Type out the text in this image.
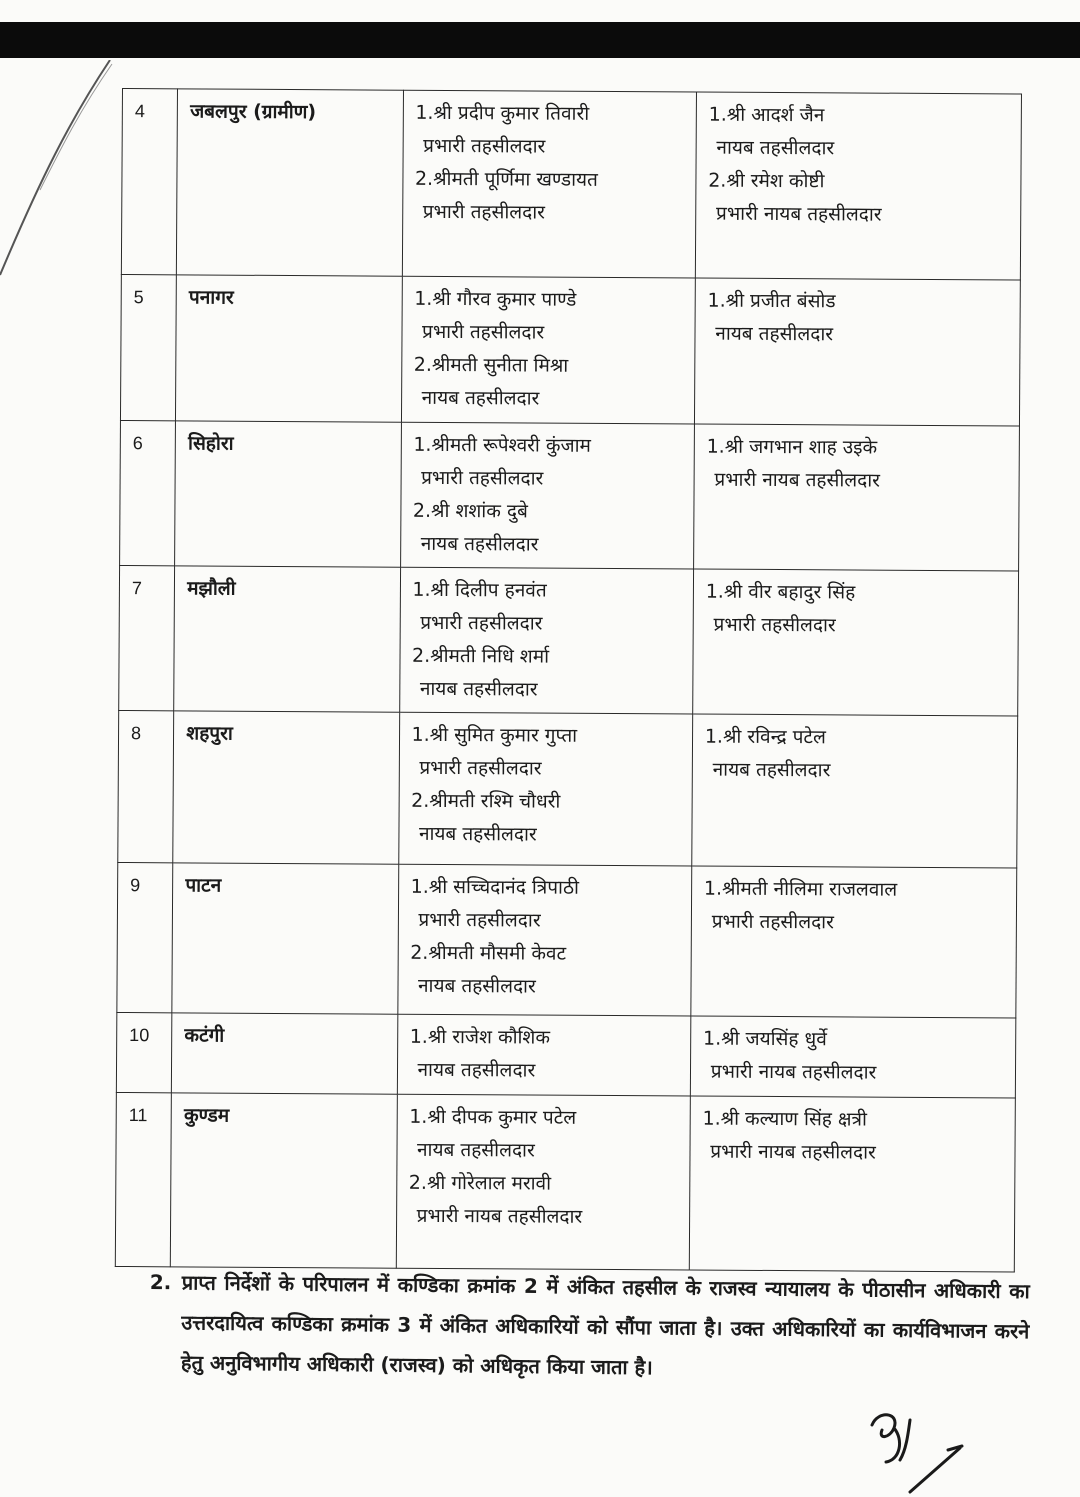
4	जबलपुर (ग्रामीण)	1.श्री प्रदीप कुमार तिवारी
प्रभारी तहसीलदार
2.श्रीमती पूर्णिमा खण्डायत
प्रभारी तहसीलदार	1.श्री आदर्श जैन
नायब तहसीलदार
2.श्री रमेश कोष्टी
प्रभारी नायब तहसीलदार

5	पनागर	1.श्री गौरव कुमार पाण्डे
प्रभारी तहसीलदार
2.श्रीमती सुनीता मिश्रा
नायब तहसीलदार	1.श्री प्रजीत बंसोड
नायब तहसीलदार

6	सिहोरा	1.श्रीमती रूपेश्वरी कुंजाम
प्रभारी तहसीलदार
2.श्री शशांक दुबे
नायब तहसीलदार	1.श्री जगभान शाह उइके
प्रभारी नायब तहसीलदार

7	मझौली	1.श्री दिलीप हनवंत
प्रभारी तहसीलदार
2.श्रीमती निधि शर्मा
नायब तहसीलदार	1.श्री वीर बहादुर सिंह
प्रभारी तहसीलदार

8	शहपुरा	1.श्री सुमित कुमार गुप्ता
प्रभारी तहसीलदार
2.श्रीमती रश्मि चौधरी
नायब तहसीलदार	1.श्री रविन्द्र पटेल
नायब तहसीलदार

9	पाटन	1.श्री सच्चिदानंद त्रिपाठी
प्रभारी तहसीलदार
2.श्रीमती मौसमी केवट
नायब तहसीलदार	1.श्रीमती नीलिमा राजलवाल
प्रभारी तहसीलदार

10	कटंगी	1.श्री राजेश कौशिक
नायब तहसीलदार	1.श्री जयसिंह धुर्वे
प्रभारी नायब तहसीलदार

11	कुण्डम	1.श्री दीपक कुमार पटेल
नायब तहसीलदार
2.श्री गोरेलाल मरावी
प्रभारी नायब तहसीलदार	1.श्री कल्याण सिंह क्षत्री
प्रभारी नायब तहसीलदार
2. प्राप्त निर्देशों के परिपालन में कण्डिका क्रमांक 2 में अंकित तहसील के राजस्व न्यायालय के पीठासीन अधिकारी का उत्तरदायित्व कण्डिका क्रमांक 3 में अंकित अधिकारियों को सौंपा जाता है। उक्त अधिकारियों का कार्यविभाजन करने हेतु अनुविभागीय अधिकारी (राजस्व) को अधिकृत किया जाता है।
